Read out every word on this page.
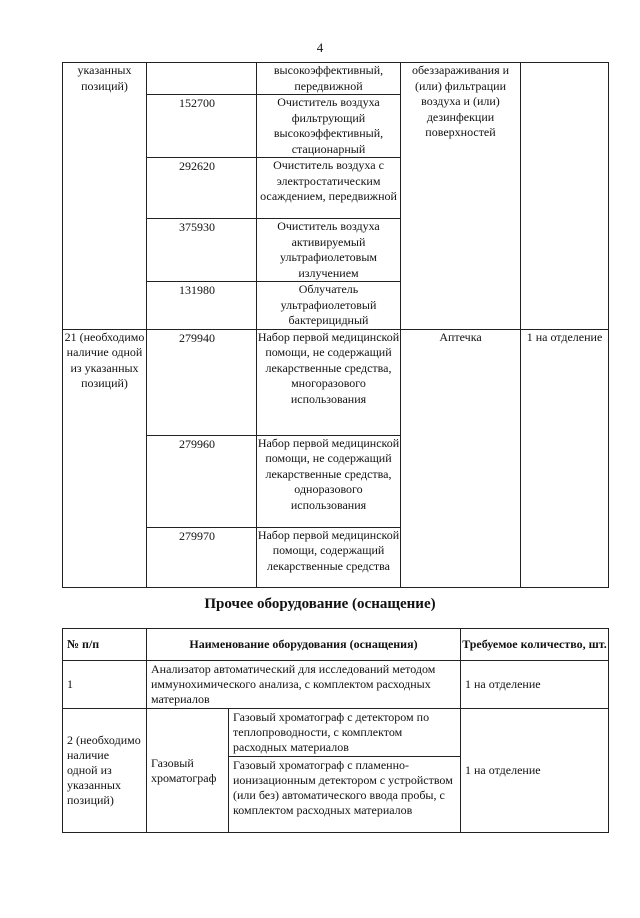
4
указанных позиций)		высокоэффективный, передвижной	обеззараживания и (или) фильтрации воздуха и (или) дезинфекции поверхностей	
	152700	Очиститель воздуха фильтрующий высокоэффективный, стационарный		
	292620	Очиститель воздуха с электростатическим осаждением, передвижной		
	375930	Очиститель воздуха активируемый ультрафиолетовым излучением		
	131980	Облучатель ультрафиолетовый бактерицидный		
21 (необходимо наличие одной из указанных позиций)	279940	Набор первой медицинской помощи, не содержащий лекарственные средства, многоразового использования	Аптечка	1 на отделение
	279960	Набор первой медицинской помощи, не содержащий лекарственные средства, одноразового использования		
	279970	Набор первой медицинской помощи, содержащий лекарственные средства		
Прочее оборудование (оснащение)
№ п/п	Наименование оборудования (оснащения)		Требуемое количество, шт.
1	Анализатор автоматический для исследований методом иммунохимического анализа, с комплектом расходных материалов		1 на отделение
2 (необходимо наличие одной из указанных позиций)	Газовый хроматограф	Газовый хроматограф с детектором по теплопроводности, с комплектом расходных материалов	1 на отделение
		Газовый хроматограф с пламенно-ионизационным детектором с устройством (или без) автоматического ввода пробы, с комплектом расходных материалов	
